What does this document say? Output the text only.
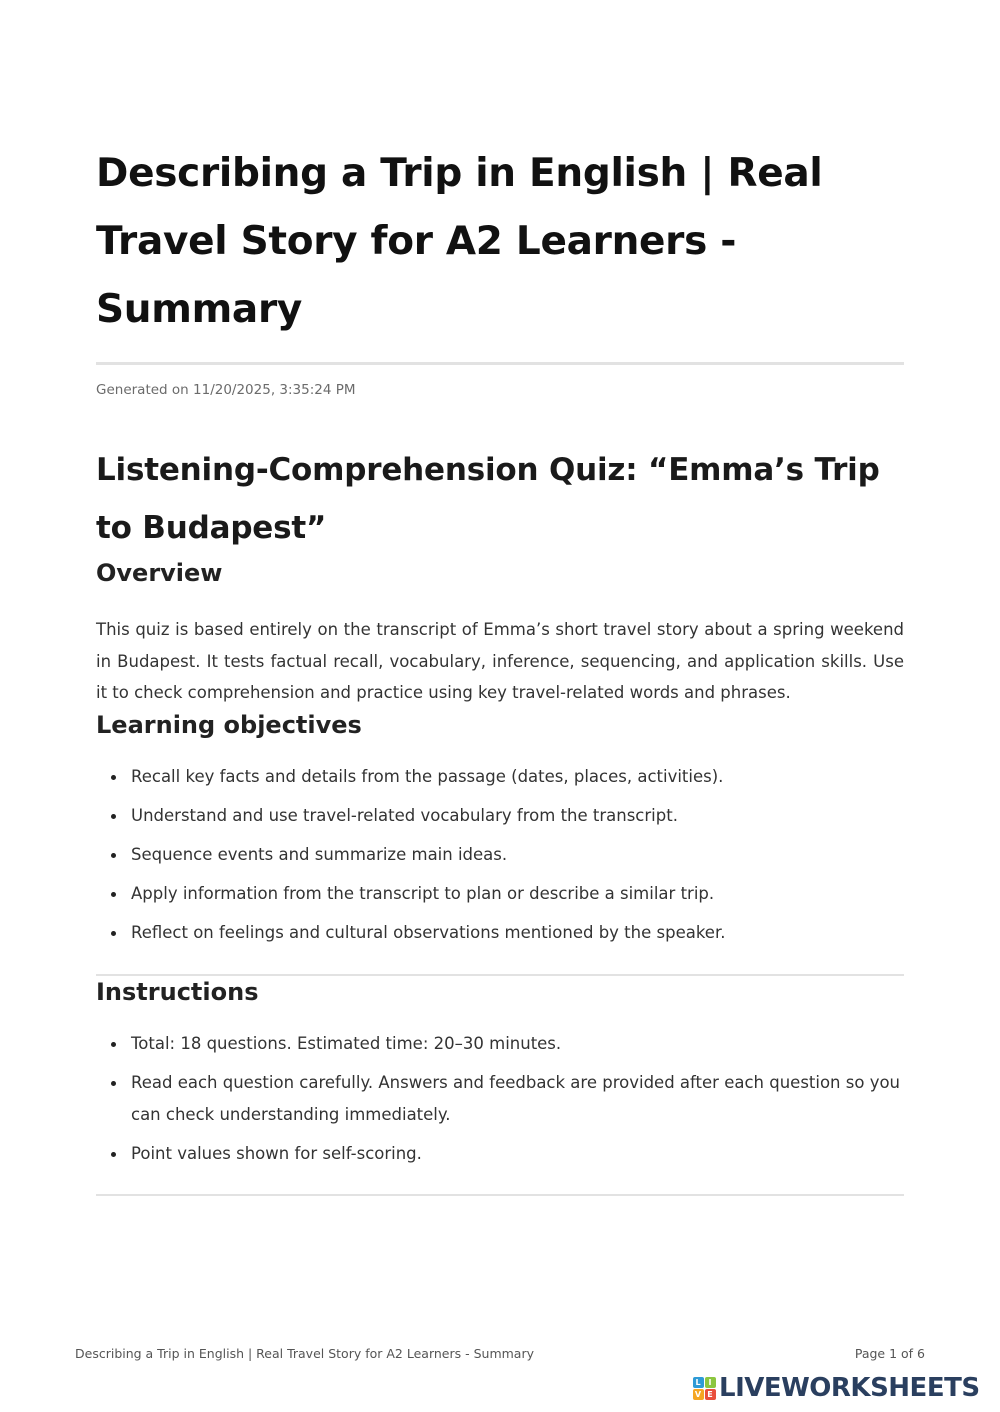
Describing a Trip in English | Real Travel Story for A2 Learners - Summary
Generated on 11/20/2025, 3:35:24 PM
Listening-Comprehension Quiz: “Emma’s Trip to Budapest”
Overview

This quiz is based entirely on the transcript of Emma’s short travel story about a spring weekend in Budapest. It tests factual recall, vocabulary, inference, sequencing, and application skills. Use it to check comprehension and practice using key travel-related words and phrases.

Learning objectives
Recall key facts and details from the passage (dates, places, activities).
Understand and use travel-related vocabulary from the transcript.
Sequence events and summarize main ideas.
Apply information from the transcript to plan or describe a similar trip.
Reflect on feelings and cultural observations mentioned by the speaker.
Instructions
Total: 18 questions. Estimated time: 20–30 minutes.
Read each question carefully. Answers and feedback are provided after each question so you can check understanding immediately.
Point values shown for self-scoring.
Describing a Trip in English | Real Travel Story for A2 Learners - Summary	Page 1 of 6
L I
V E LIVEWORKSHEETS
